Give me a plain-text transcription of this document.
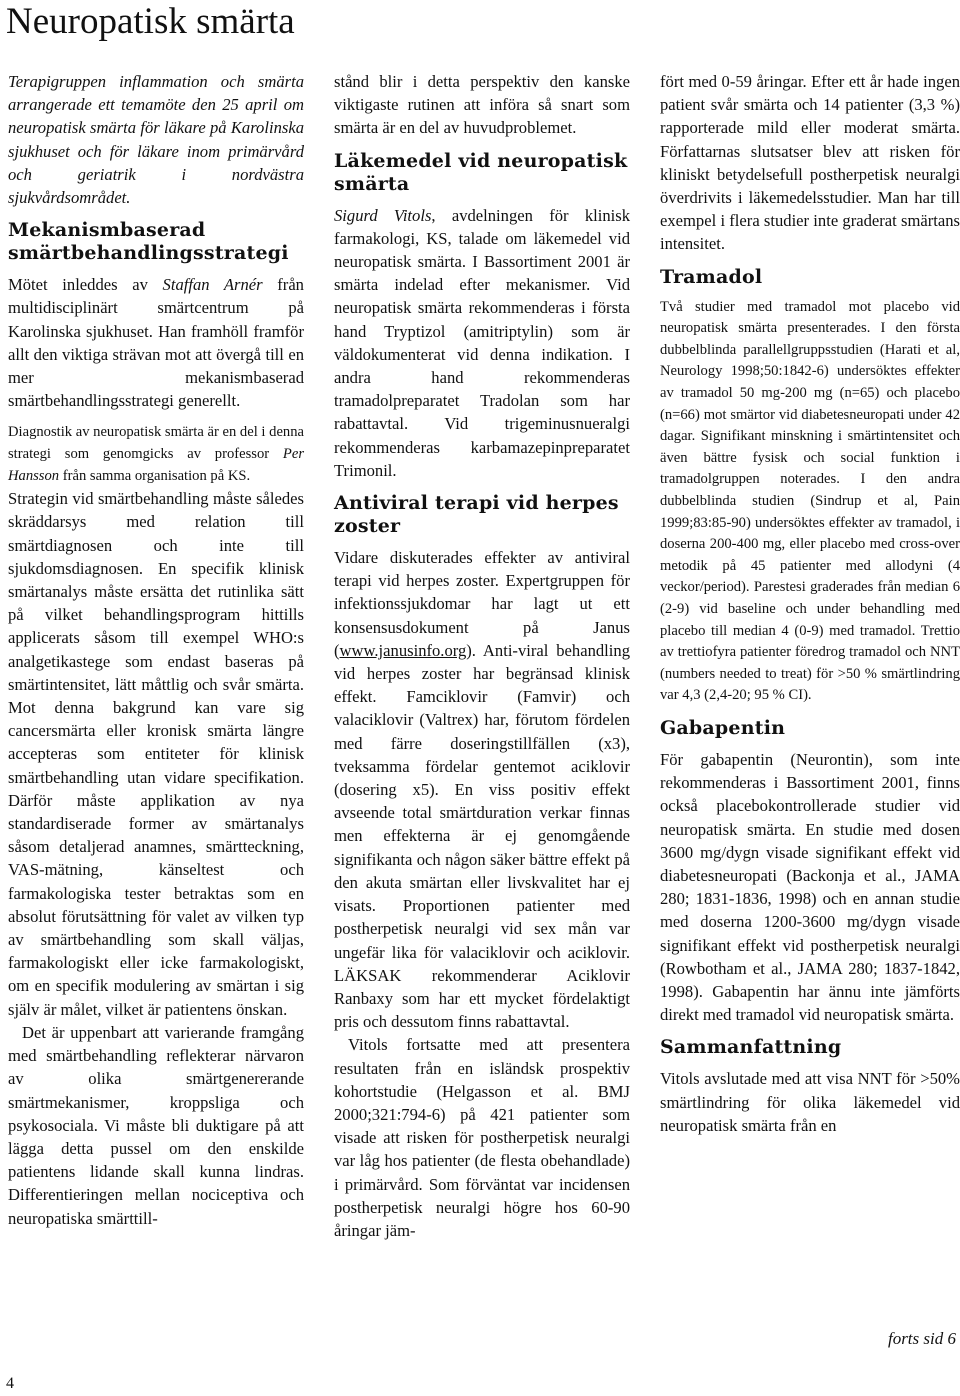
Neuropatisk smärta

Terapigruppen inflammation och smärta arrangerade ett temamöte den 25 april om neuropatisk smärta för läkare på Karolinska sjukhuset och för läkare inom primärvård och geriatrik i nordvästra sjukvårdsområdet.

Mekanismbaserad smärtbehandlingsstrategi

Mötet inleddes av Staffan Arnér från multidisciplinärt smärtcentrum på Karolinska sjukhuset. Han framhöll framför allt den viktiga strävan mot att övergå till en mer mekanismbaserad smärtbehandlingsstrategi generellt.

Diagnostik av neuropatisk smärta är en del i denna strategi som genomgicks av professor Per Hansson från samma organisation på KS.

Strategin vid smärtbehandling måste således skräddarsys med relation till smärtdiagnosen och inte till sjukdomsdiagnosen. En specifik klinisk smärtanalys måste ersätta det rutinlika sätt på vilket behandlingsprogram hittills applicerats såsom till exempel WHO:s analgetikastege som endast baseras på smärtintensitet, lätt måttlig och svår smärta. Mot denna bakgrund kan vare sig cancersmärta eller kronisk smärta längre accepteras som entiteter för klinisk smärtbehandling utan vidare specifikation. Därför måste applikation av nya standardiserade former av smärtanalys såsom detaljerad anamnes, smärtteckning, VAS-mätning, känseltest och farmakologiska tester betraktas som en absolut förutsättning för valet av vilken typ av smärtbehandling som skall väljas, farmakologiskt eller icke farmakologiskt, om en specifik modulering av smärtan i sig själv är målet, vilket är patientens önskan.

Det är uppenbart att varierande framgång med smärtbehandling reflekterar närvaron av olika smärtgenererande smärtmekanismer, kroppsliga och psykosociala. Vi måste bli duktigare på att lägga detta pussel om den enskilde patientens lidande skall kunna lindras. Differentieringen mellan nociceptiva och neuropatiska smärttill-

stånd blir i detta perspektiv den kanske viktigaste rutinen att införa så snart som smärta är en del av huvudproblemet.

Läkemedel vid neuropatisk smärta

Sigurd Vitols, avdelningen för klinisk farmakologi, KS, talade om läkemedel vid neuropatisk smärta. I Bassortiment 2001 är smärta indelad efter mekanismer. Vid neuropatisk smärta rekommenderas i första hand Tryptizol (amitriptylin) som är väldokumenterat vid denna indikation. I andra hand rekommenderas tramadolpreparatet Tradolan som har rabattavtal. Vid trigeminusnueralgi rekommenderas karbamazepinpreparatet Trimonil.

Antiviral terapi vid herpes zoster

Vidare diskuterades effekter av antiviral terapi vid herpes zoster. Expertgruppen för infektionssjukdomar har lagt ut ett konsensusdokument på Janus (www.janusinfo.org). Anti-viral behandling vid herpes zoster har begränsad klinisk effekt. Famciklovir (Famvir) och valaciklovir (Valtrex) har, förutom fördelen med färre doseringstillfällen (x3), tveksamma fördelar gentemot aciklovir (dosering x5). En viss positiv effekt avseende total smärtduration verkar finnas men effekterna är ej genomgående signifikanta och någon säker bättre effekt på den akuta smärtan eller livskvalitet har ej visats. Proportionen patienter med postherpetisk neuralgi vid sex mån var ungefär lika för valaciklovir och aciklovir. LÄKSAK rekommenderar Aciklovir Ranbaxy som har ett mycket fördelaktigt pris och dessutom finns rabattavtal.

Vitols fortsatte med att presentera resultaten från en isländsk prospektiv kohortstudie (Helgasson et al. BMJ 2000;321:794-6) på 421 patienter som visade att risken för postherpetisk neuralgi var låg hos patienter (de flesta obehandlade) i primärvård. Som förväntat var incidensen postherpetisk neuralgi högre hos 60-90 åringar jäm-

fört med 0-59 åringar. Efter ett år hade ingen patient svår smärta och 14 patienter (3,3 %) rapporterade mild eller moderat smärta. Författarnas slutsatser blev att risken för kliniskt betydelsefull postherpetisk neuralgi överdrivits i läkemedelsstudier. Man har till exempel i flera studier inte graderat smärtans intensitet.

Tramadol

Två studier med tramadol mot placebo vid neuropatisk smärta presenterades. I den första dubbelblinda parallellgruppsstudien (Harati et al, Neurology 1998;50:1842-6) undersöktes effekter av tramadol 50 mg-200 mg (n=65) och placebo (n=66) mot smärtor vid diabetesneuropati under 42 dagar. Signifikant minskning i smärtintensitet och även bättre fysisk och social funktion i tramadolgruppen noterades. I den andra dubbelblinda studien (Sindrup et al, Pain 1999;83:85-90) undersöktes effekter av tramadol, i doserna 200-400 mg, eller placebo med cross-over metodik på 45 patienter med allodyni (4 veckor/period). Parestesi graderades från median 6 (2-9) vid baseline och under behandling med placebo till median 4 (0-9) med tramadol. Trettio av trettiofyra patienter föredrog tramadol och NNT (numbers needed to treat) för >50 % smärtlindring var 4,3 (2,4-20; 95 % CI).

Gabapentin

För gabapentin (Neurontin), som inte rekommenderas i Bassortiment 2001, finns också placebokontrollerade studier vid neuropatisk smärta. En studie med dosen 3600 mg/dygn visade signifikant effekt vid diabetesneuropati (Backonja et al., JAMA 280; 1831-1836, 1998) och en annan studie med doserna 1200-3600 mg/dygn visade signifikant effekt vid postherpetisk neuralgi (Rowbotham et al., JAMA 280; 1837-1842, 1998). Gabapentin har ännu inte jämförts direkt med tramadol vid neuropatisk smärta.

Sammanfattning

Vitols avslutade med att visa NNT för >50% smärtlindring för olika läkemedel vid neuropatisk smärta från en

forts sid 6
4
